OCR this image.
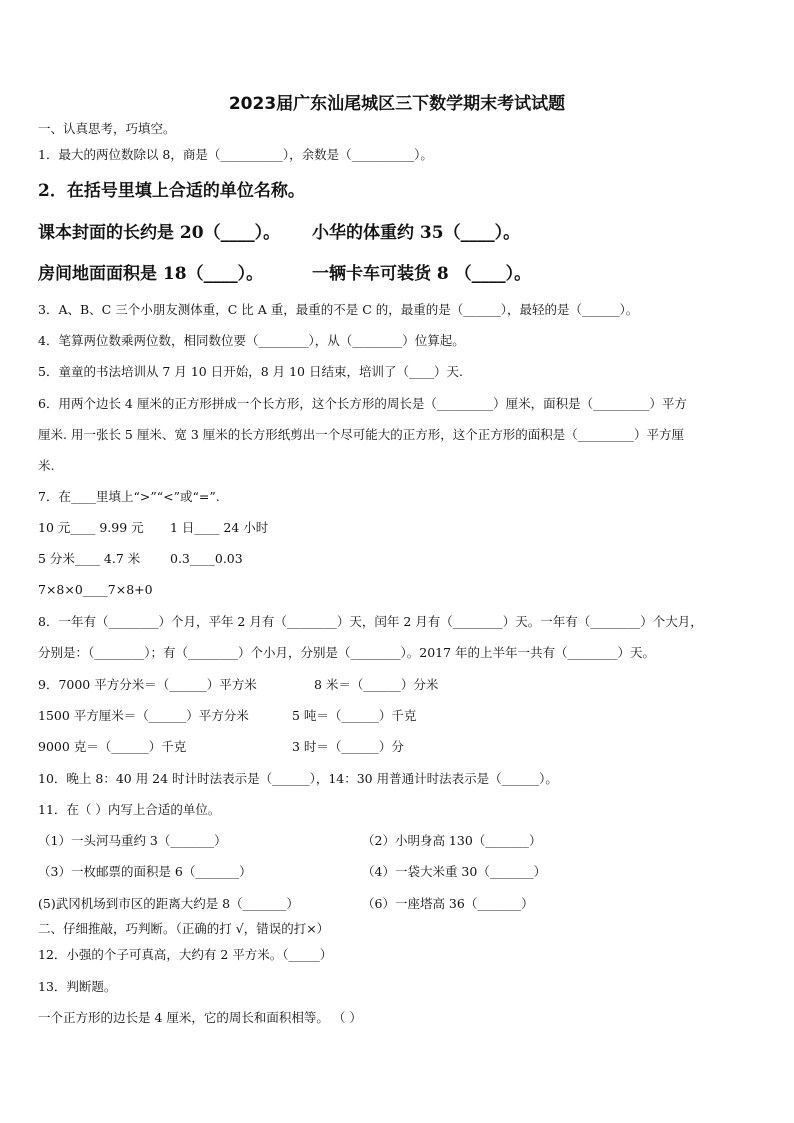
2023届广东汕尾城区三下数学期末考试试题
一、认真思考，巧填空。
1．最大的两位数除以 8，商是（__________），余数是（__________）。
2．在括号里填上合适的单位名称。
课本封面的长约是 20（____）。 小华的体重约 35（____）。
房间地面面积是 18（____）。	一辆卡车可装货 8 （____）。
3．A、B、C 三个小朋友测体重，C 比 A 重，最重的不是 C 的，最重的是（______），最轻的是（______）。
4．笔算两位数乘两位数，相同数位要（________），从（________）位算起。
5．童童的书法培训从 7 月 10 日开始，8 月 10 日结束，培训了（____）天.
6．用两个边长 4 厘米的正方形拼成一个长方形，这个长方形的周长是（_________）厘米，面积是（_________）平方
厘米. 用一张长 5 厘米、宽 3 厘米的长方形纸剪出一个尽可能大的正方形，这个正方形的面积是（_________）平方厘
米.
7．在____里填上“>”“<”或“=”.
10 元____ 9.99 元 1 日____ 24 小时
5 分米____ 4.7 米 0.3____0.03
7×8×0____7×8+0
8．一年有（________）个月，平年 2 月有（________）天，闰年 2 月有（________）天。一年有（________）个大月，
分别是：（________）；有（________）个小月，分别是（________）。2017 年的上半年一共有（________）天。
9．7000 平方分米＝（______）平方米	8 米＝（______）分米
1500 平方厘米＝（______）平方分米	5 吨＝（______）千克
9000 克＝（______）千克	3 时＝（______）分
10．晚上 8：40 用 24 时计时法表示是（______），14：30 用普通计时法表示是（______）。
11．在（ ）内写上合适的单位。
（1）一头河马重约 3（_______）	（2）小明身高 130（_______）
（3）一枚邮票的面积是 6（_______）	（4）一袋大米重 30（_______）
(5)武冈机场到市区的距离大约是 8（_______）	（6）一座塔高 36（_______）
二、仔细推敲，巧判断。（正确的打 √，错误的打×）
12．小强的个子可真高，大约有 2 平方米。（_____）
13．判断题。
一个正方形的边长是 4 厘米，它的周长和面积相等。 （ ）
